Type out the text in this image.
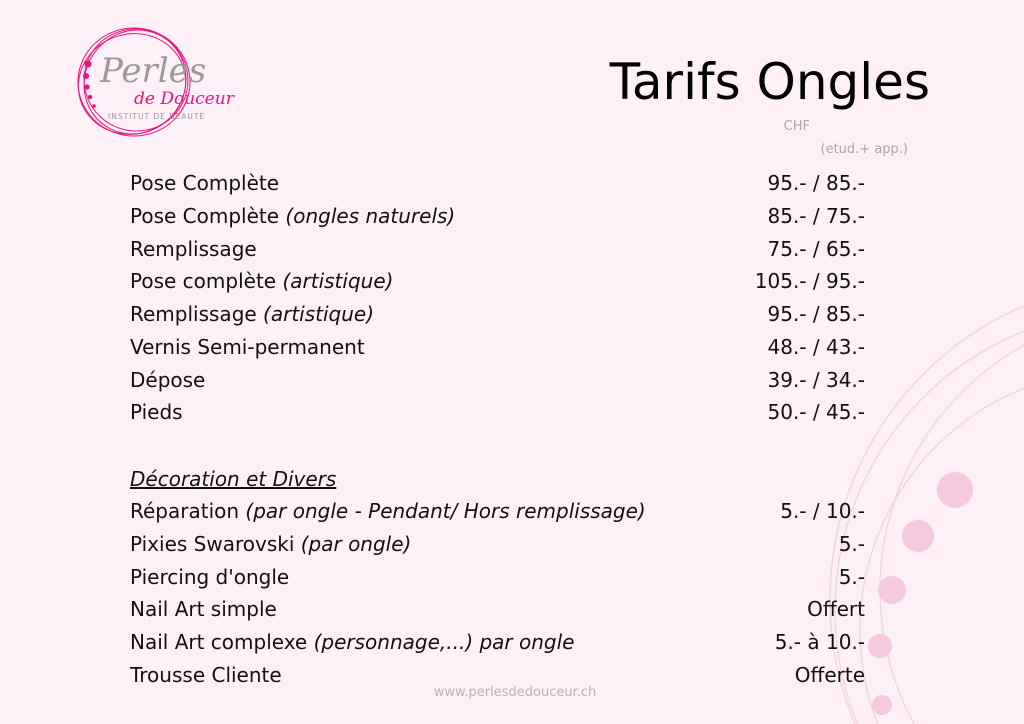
Perles
de Douceur
INSTITUT DE BEAUTÉ
Tarifs Ongles
CHF
(etud.+ app.)
Pose Complète	95.- / 85.-
Pose Complète (ongles naturels)	85.- / 75.-
Remplissage	75.- / 65.-
Pose complète (artistique)	105.- / 95.-
Remplissage (artistique)	95.- / 85.-
Vernis Semi-permanent	48.- / 43.-
Dépose	39.- / 34.-
Pieds	50.- / 45.-
Décoration et Divers
Réparation (par ongle - Pendant/ Hors remplissage)	5.- / 10.-
Pixies Swarovski (par ongle)	5.-
Piercing d'ongle	5.-
Nail Art simple	Offert
Nail Art complexe (personnage,...) par ongle	5.- à 10.-
Trousse Cliente	Offerte
www.perlesdedouceur.ch
